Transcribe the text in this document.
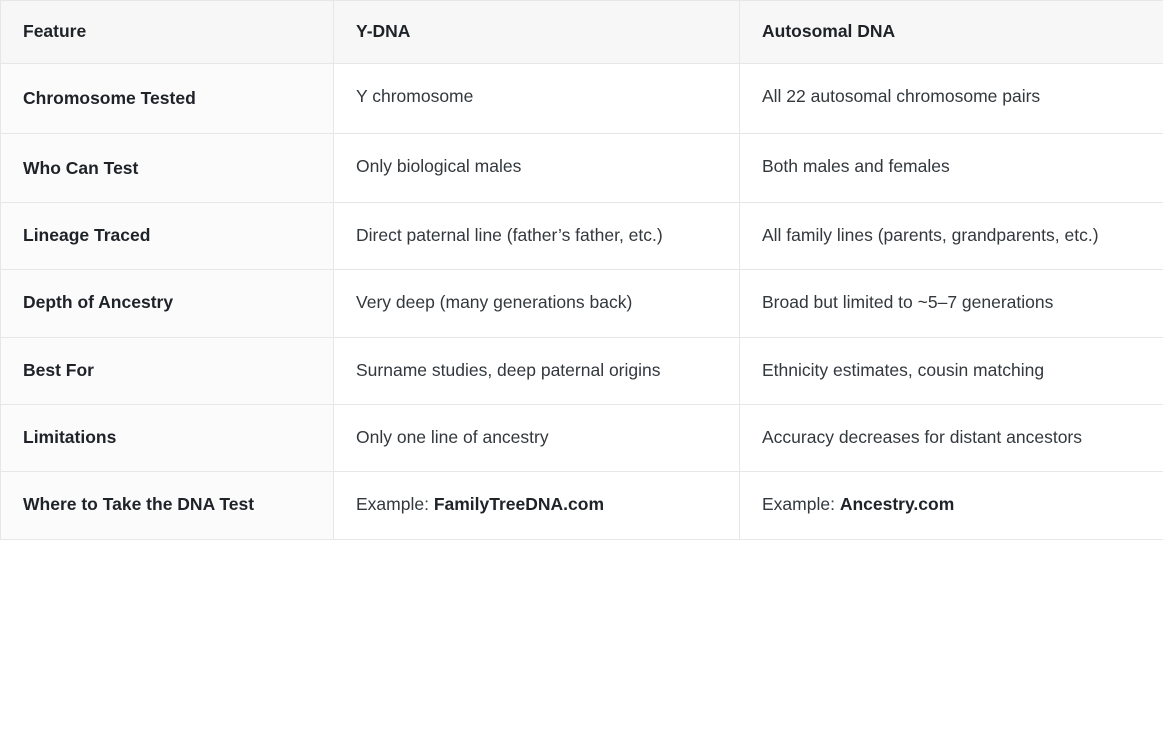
Feature	Y-DNA	Autosomal DNA
Chromosome Tested	Y chromosome	All 22 autosomal chromosome pairs
Who Can Test	Only biological males	Both males and females
Lineage Traced	Direct paternal line (father’s father, etc.)	All family lines (parents, grandparents, etc.)
Depth of Ancestry	Very deep (many generations back)	Broad but limited to ~5–7 generations
Best For	Surname studies, deep paternal origins	Ethnicity estimates, cousin matching
Limitations	Only one line of ancestry	Accuracy decreases for distant ancestors
Where to Take the DNA Test	Example: FamilyTreeDNA.com	Example: Ancestry.com
